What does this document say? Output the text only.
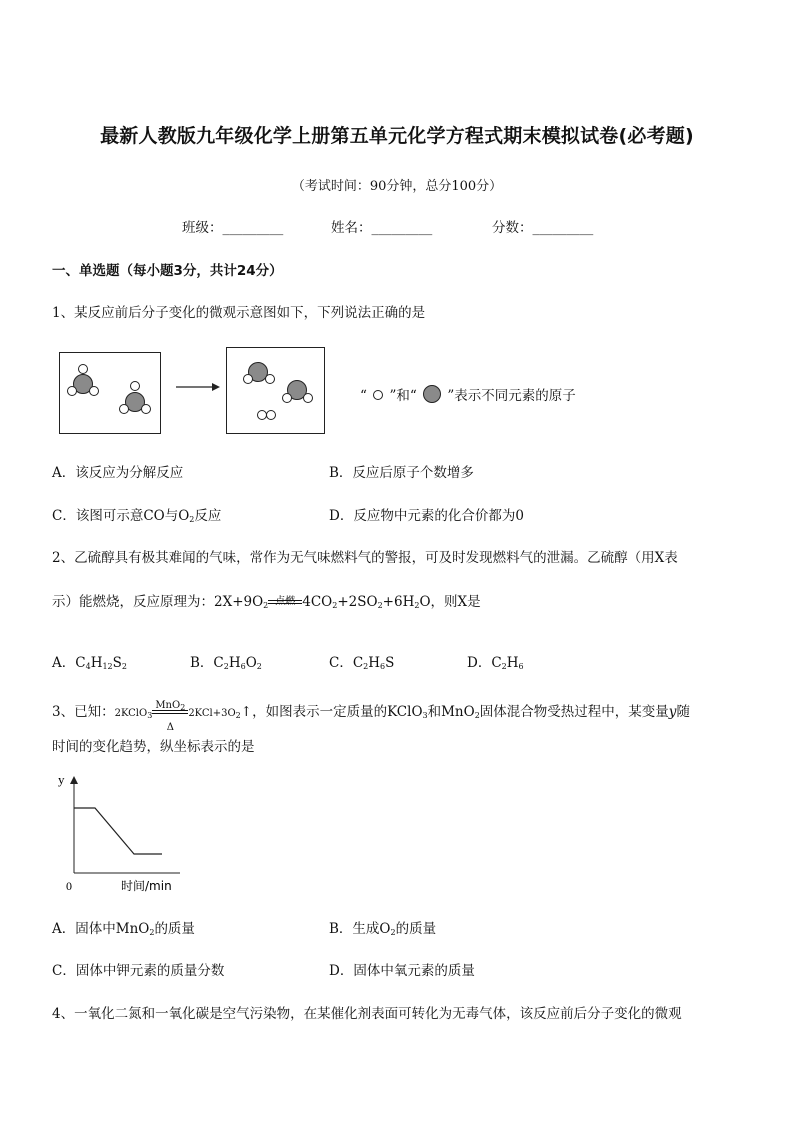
最新人教版九年级化学上册第五单元化学方程式期末模拟试卷(必考题)
（考试时间：90分钟，总分100分）
班级：_________	姓名：_________	分数：_________
一、单选题（每小题3分，共计24分）
1、某反应前后分子变化的微观示意图如下，下列说法正确的是
“ ”和“ ”表示不同元素的原子
A．该反应为分解反应	B．反应后原子个数增多
C．该图可示意CO与$O_2$反应	D．反应物中元素的化合价都为0
2、乙硫醇具有极其难闻的气味，常作为无气味燃料气的警报，可及时发现燃料气的泄漏。乙硫醇（用X表
示）能燃烧，反应原理为：$2X+9O_2$ 点燃 $4CO_2+2SO_2+6H_2O$，则X是
A．$C_4H_{12}S_2$	B．$C_2H_6O_2$	C．$C_2H_6S$	D．$C_2H_6$
3、已知：2KClO$_3$
MnO$_2$
Δ
$2KCl+3O_2↑$，如图表示一定质量的KClO$_3$和MnO$_2$固体混合物受热过程中，某变量y随
时间的变化趋势，纵坐标表示的是
y
0	时间/min
A．固体中MnO$_2$的质量	B．生成$O_2$的质量
C．固体中钾元素的质量分数	D．固体中氧元素的质量
4、一氧化二氮和一氧化碳是空气污染物，在某催化剂表面可转化为无毒气体，该反应前后分子变化的微观
